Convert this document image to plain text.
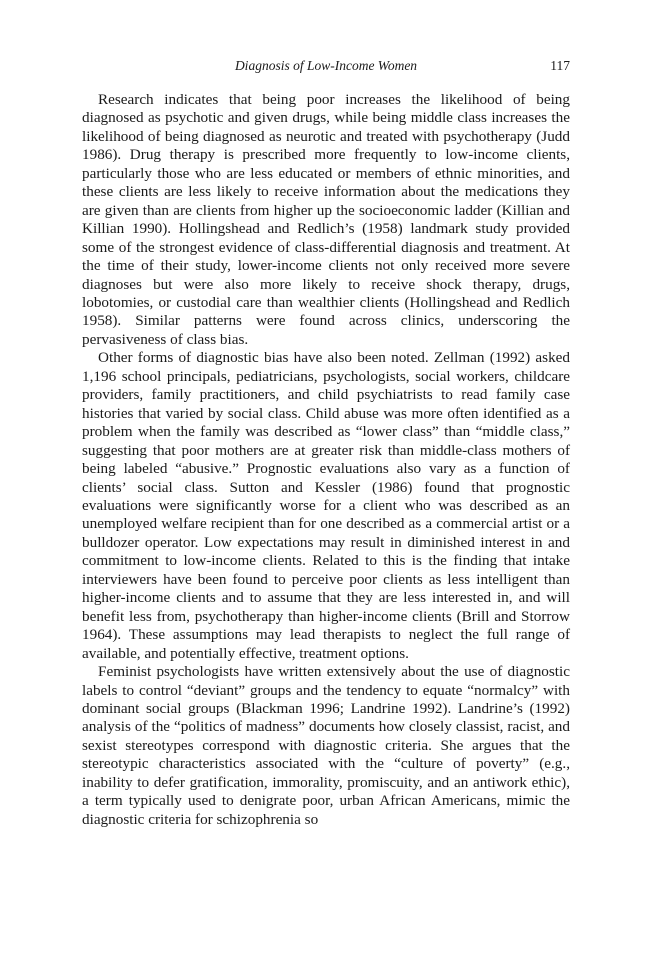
Diagnosis of Low-Income Women	117

Research indicates that being poor increases the likelihood of being diagnosed as psychotic and given drugs, while being middle class increases the likelihood of being diagnosed as neurotic and treated with psychotherapy (Judd 1986). Drug therapy is prescribed more frequently to low-income clients, particularly those who are less educated or members of ethnic minorities, and these clients are less likely to receive information about the medications they are given than are clients from higher up the socioeconomic ladder (Killian and Killian 1990). Hollingshead and Redlich’s (1958) landmark study provided some of the strongest evidence of class-differential diagnosis and treatment. At the time of their study, lower-income clients not only received more severe diagnoses but were also more likely to receive shock therapy, drugs, lobotomies, or custodial care than wealthier clients (Hollingshead and Redlich 1958). Similar patterns were found across clinics, underscoring the pervasiveness of class bias.

Other forms of diagnostic bias have also been noted. Zellman (1992) asked 1,196 school principals, pediatricians, psychologists, social workers, childcare providers, family practitioners, and child psychiatrists to read family case histories that varied by social class. Child abuse was more often identified as a problem when the family was described as “lower class” than “middle class,” suggesting that poor mothers are at greater risk than middle-class mothers of being labeled “abusive.” Prognostic evaluations also vary as a function of clients’ social class. Sutton and Kessler (1986) found that prognostic evaluations were significantly worse for a client who was described as an unemployed welfare recipient than for one described as a commercial artist or a bulldozer operator. Low expectations may result in diminished interest in and commitment to low-income clients. Related to this is the finding that intake interviewers have been found to perceive poor clients as less intelligent than higher-income clients and to assume that they are less interested in, and will benefit less from, psychotherapy than higher-income clients (Brill and Storrow 1964). These assumptions may lead therapists to neglect the full range of available, and potentially effective, treatment options.

Feminist psychologists have written extensively about the use of diagnostic labels to control “deviant” groups and the tendency to equate “normalcy” with dominant social groups (Blackman 1996; Landrine 1992). Landrine’s (1992) analysis of the “politics of madness” documents how closely classist, racist, and sexist stereotypes correspond with diagnostic criteria. She argues that the stereotypic characteristics associated with the “culture of poverty” (e.g., inability to defer gratification, immorality, promiscuity, and an antiwork ethic), a term typically used to denigrate poor, urban African Americans, mimic the diagnostic criteria for schizophrenia so
